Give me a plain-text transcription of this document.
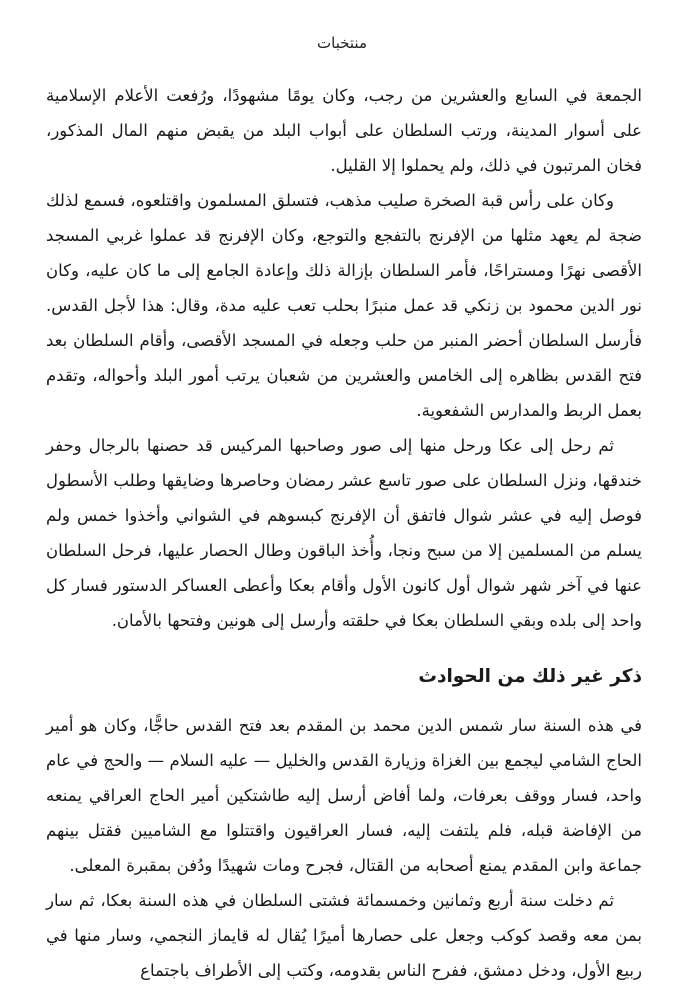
منتخبات

الجمعة في السابع والعشرين من رجب، وكان يومًا مشهودًا، ورُفعت الأعلام الإسلامية على أسوار المدينة، ورتب السلطان على أبواب البلد من يقبض منهم المال المذكور، فخان المرتبون في ذلك، ولم يحملوا إلا القليل.

وكان على رأس قبة الصخرة صليب مذهب، فتسلق المسلمون واقتلعوه، فسمع لذلك ضجة لم يعهد مثلها من الإفرنج بالتفجع والتوجع، وكان الإفرنج قد عملوا غربي المسجد الأقصى نهرًا ومستراحًا، فأمر السلطان بإزالة ذلك وإعادة الجامع إلى ما كان عليه، وكان نور الدين محمود بن زنكي قد عمل منبرًا بحلب تعب عليه مدة، وقال: هذا لأجل القدس. فأرسل السلطان أحضر المنبر من حلب وجعله في المسجد الأقصى، وأقام السلطان بعد فتح القدس بظاهره إلى الخامس والعشرين من شعبان يرتب أمور البلد وأحواله، وتقدم بعمل الربط والمدارس الشفعوية.

ثم رحل إلى عكا ورحل منها إلى صور وصاحبها المركيس قد حصنها بالرجال وحفر خندقها، ونزل السلطان على صور تاسع عشر رمضان وحاصرها وضايقها وطلب الأسطول فوصل إليه في عشر شوال فاتفق أن الإفرنج كبسوهم في الشواني وأخذوا خمس ولم يسلم من المسلمين إلا من سبح ونجا، وأُخذ الباقون وطال الحصار عليها، فرحل السلطان عنها في آخر شهر شوال أول كانون الأول وأقام بعكا وأعطى العساكر الدستور فسار كل واحد إلى بلده وبقي السلطان بعكا في حلقته وأرسل إلى هونين وفتحها بالأمان.

ذكر غير ذلك من الحوادث

في هذه السنة سار شمس الدين محمد بن المقدم بعد فتح القدس حاجًّا، وكان هو أمير الحاج الشامي ليجمع بين الغزاة وزيارة القدس والخليل — عليه السلام — والحج في عام واحد، فسار ووقف بعرفات، ولما أفاض أرسل إليه طاشتكين أمير الحاج العراقي يمنعه من الإفاضة قبله، فلم يلتفت إليه، فسار العراقيون واقتتلوا مع الشاميين فقتل بينهم جماعة وابن المقدم يمنع أصحابه من القتال، فجرح ومات شهيدًا ودُفن بمقبرة المعلى.

ثم دخلت سنة أربع وثمانين وخمسمائة فشتى السلطان في هذه السنة بعكا، ثم سار بمن معه وقصد كوكب وجعل على حصارها أميرًا يُقال له قايماز النجمي، وسار منها في ربيع الأول، ودخل دمشق، ففرح الناس بقدومه، وكتب إلى الأطراف باجتماع
